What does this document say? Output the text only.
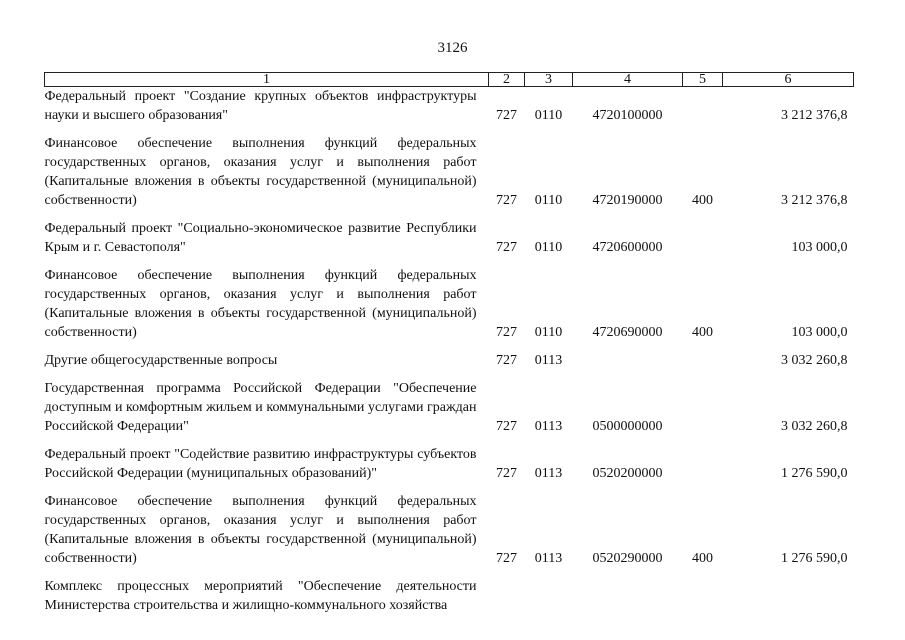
3126
1	2	3	4	5	6
Федеральный проект "Создание крупных объектов инфраструктуры науки и высшего образования"	727	0110	4720100000		3 212 376,8
Финансовое обеспечение выполнения функций федеральных государственных органов, оказания услуг и выполнения работ (Капитальные вложения в объекты государственной (муниципальной) собственности)	727	0110	4720190000	400	3 212 376,8
Федеральный проект "Социально-экономическое развитие Республики Крым и г. Севастополя"	727	0110	4720600000		103 000,0
Финансовое обеспечение выполнения функций федеральных государственных органов, оказания услуг и выполнения работ (Капитальные вложения в объекты государственной (муниципальной) собственности)	727	0110	4720690000	400	103 000,0
Другие общегосударственные вопросы	727	0113			3 032 260,8
Государственная программа Российской Федерации "Обеспечение доступным и комфортным жильем и коммунальными услугами граждан Российской Федерации"	727	0113	0500000000		3 032 260,8
Федеральный проект "Содействие развитию инфраструктуры субъектов Российской Федерации (муниципальных образований)"	727	0113	0520200000		1 276 590,0
Финансовое обеспечение выполнения функций федеральных государственных органов, оказания услуг и выполнения работ (Капитальные вложения в объекты государственной (муниципальной) собственности)	727	0113	0520290000	400	1 276 590,0
Комплекс процессных мероприятий "Обеспечение деятельности Министерства строительства и жилищно-коммунального хозяйства					
